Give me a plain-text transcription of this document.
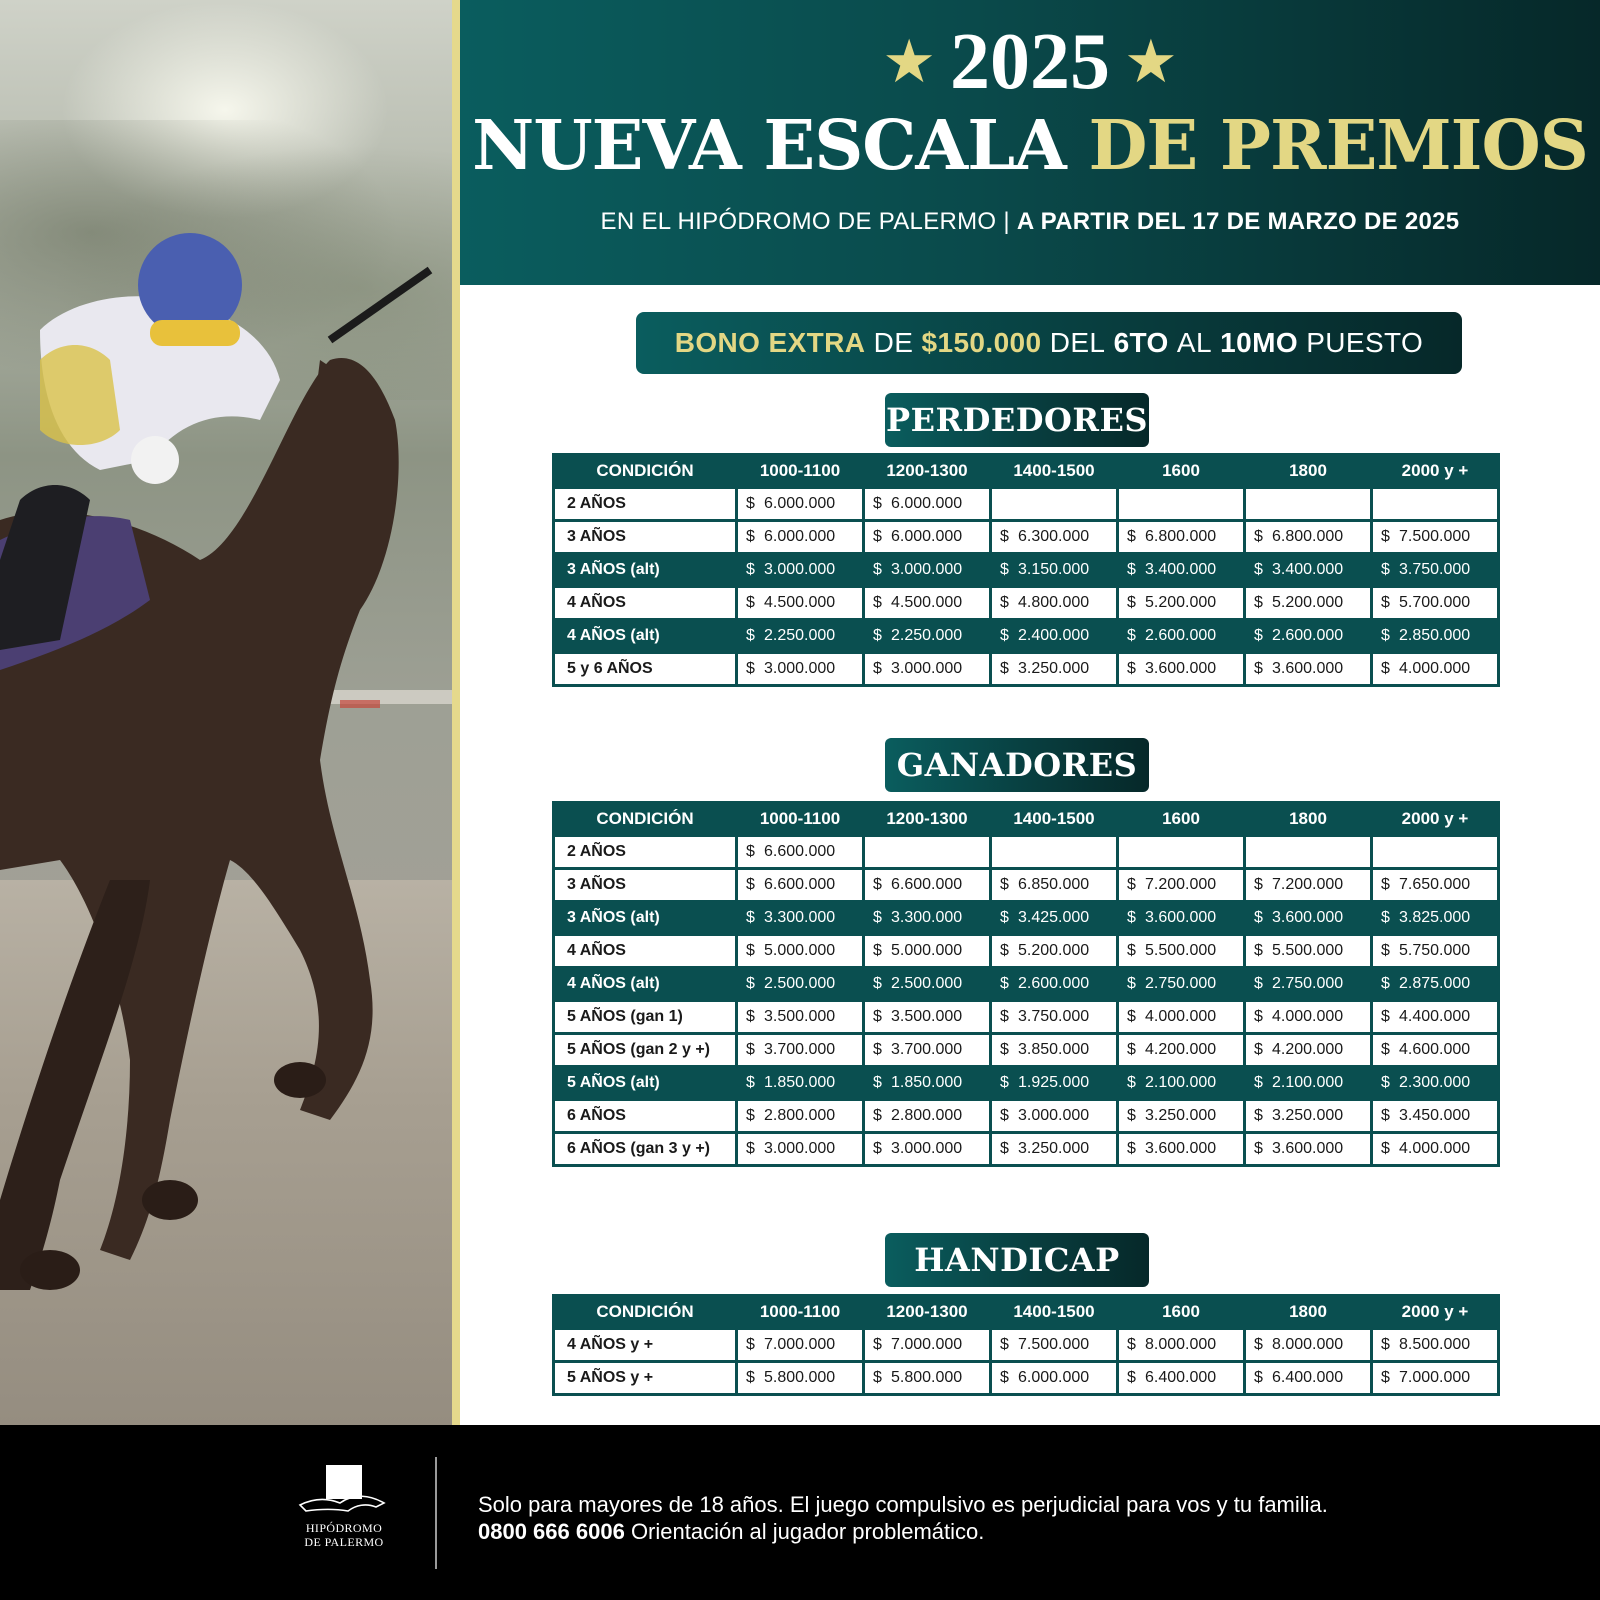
★ 2025 ★
NUEVA ESCALA DE PREMIOS
EN EL HIPÓDROMO DE PALERMO | A PARTIR DEL 17 DE MARZO DE 2025
BONO EXTRA
DE
$150.000
DEL
6TO
AL
10MO
PUESTO
PERDEDORES
GANADORES
HANDICAP
CONDICIÓN	1000-1100	1200-1300	1400-1500	1600	1800	2000 y +
2 AÑOS	$ 6.000.000	$ 6.000.000				
3 AÑOS	$ 6.000.000	$ 6.000.000	$ 6.300.000	$ 6.800.000	$ 6.800.000	$ 7.500.000
3 AÑOS (alt)	$ 3.000.000	$ 3.000.000	$ 3.150.000	$ 3.400.000	$ 3.400.000	$ 3.750.000
4 AÑOS	$ 4.500.000	$ 4.500.000	$ 4.800.000	$ 5.200.000	$ 5.200.000	$ 5.700.000
4 AÑOS (alt)	$ 2.250.000	$ 2.250.000	$ 2.400.000	$ 2.600.000	$ 2.600.000	$ 2.850.000
5 y 6 AÑOS	$ 3.000.000	$ 3.000.000	$ 3.250.000	$ 3.600.000	$ 3.600.000	$ 4.000.000
CONDICIÓN	1000-1100	1200-1300	1400-1500	1600	1800	2000 y +
2 AÑOS	$ 6.600.000					
3 AÑOS	$ 6.600.000	$ 6.600.000	$ 6.850.000	$ 7.200.000	$ 7.200.000	$ 7.650.000
3 AÑOS (alt)	$ 3.300.000	$ 3.300.000	$ 3.425.000	$ 3.600.000	$ 3.600.000	$ 3.825.000
4 AÑOS	$ 5.000.000	$ 5.000.000	$ 5.200.000	$ 5.500.000	$ 5.500.000	$ 5.750.000
4 AÑOS (alt)	$ 2.500.000	$ 2.500.000	$ 2.600.000	$ 2.750.000	$ 2.750.000	$ 2.875.000
5 AÑOS (gan 1)	$ 3.500.000	$ 3.500.000	$ 3.750.000	$ 4.000.000	$ 4.000.000	$ 4.400.000
5 AÑOS (gan 2 y +)	$ 3.700.000	$ 3.700.000	$ 3.850.000	$ 4.200.000	$ 4.200.000	$ 4.600.000
5 AÑOS (alt)	$ 1.850.000	$ 1.850.000	$ 1.925.000	$ 2.100.000	$ 2.100.000	$ 2.300.000
6 AÑOS	$ 2.800.000	$ 2.800.000	$ 3.000.000	$ 3.250.000	$ 3.250.000	$ 3.450.000
6 AÑOS (gan 3 y +)	$ 3.000.000	$ 3.000.000	$ 3.250.000	$ 3.600.000	$ 3.600.000	$ 4.000.000
CONDICIÓN	1000-1100	1200-1300	1400-1500	1600	1800	2000 y +
4 AÑOS y +	$ 7.000.000	$ 7.000.000	$ 7.500.000	$ 8.000.000	$ 8.000.000	$ 8.500.000
5 AÑOS y +	$ 5.800.000	$ 5.800.000	$ 6.000.000	$ 6.400.000	$ 6.400.000	$ 7.000.000
HIPÓDROMO
DE PALERMO
Solo para mayores de 18 años. El juego compulsivo es perjudicial para vos y tu familia.
0800 666 6006 Orientación al jugador problemático.
